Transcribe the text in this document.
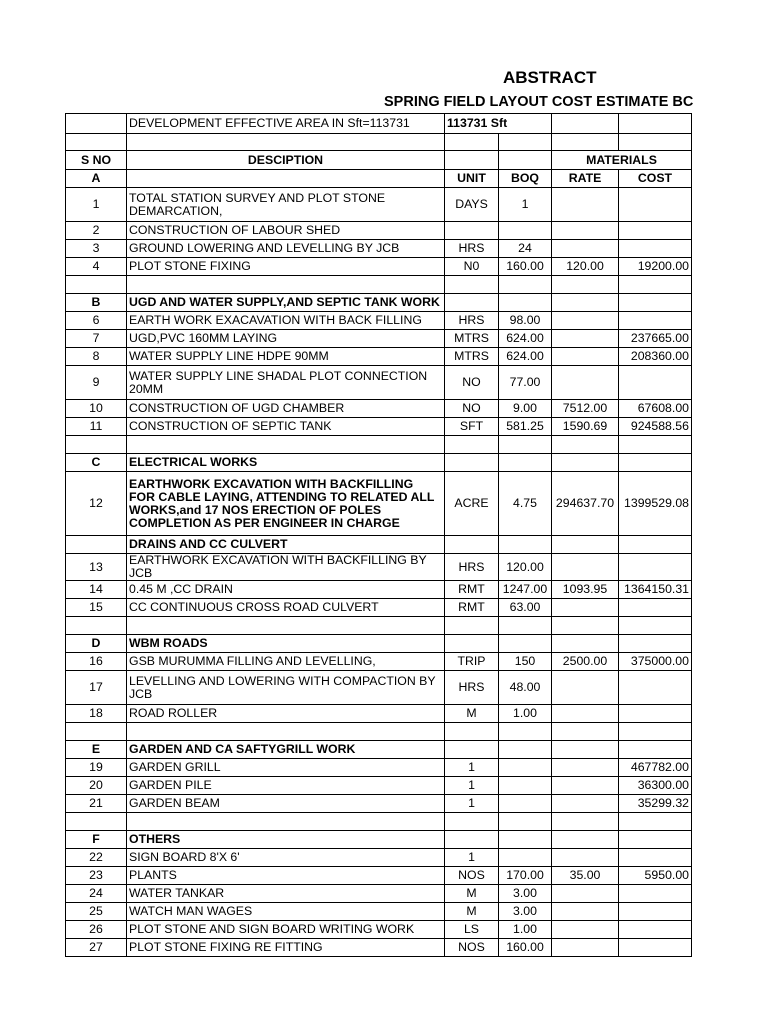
ABSTRACT
SPRING FIELD LAYOUT COST ESTIMATE BC
	DEVELOPMENT EFFECTIVE AREA IN Sft=113731	113731 Sft			

S NO	DESCIPTION			MATERIALS	
A		UNIT	BOQ	RATE	COST
1	TOTAL STATION SURVEY AND PLOT STONE DEMARCATION,	DAYS	1		
2	CONSTRUCTION OF LABOUR SHED				
3	GROUND LOWERING AND LEVELLING BY JCB	HRS	24		
4	PLOT STONE FIXING	N0	160.00	120.00	19200.00

B	UGD AND WATER SUPPLY,AND SEPTIC TANK WORK				
6	EARTH WORK EXACAVATION WITH BACK FILLING	HRS	98.00		
7	UGD,PVC 160MM LAYING	MTRS	624.00		237665.00
8	WATER SUPPLY LINE HDPE 90MM	MTRS	624.00		208360.00
9	WATER SUPPLY LINE SHADAL PLOT CONNECTION 20MM	NO	77.00		
10	CONSTRUCTION OF UGD CHAMBER	NO	9.00	7512.00	67608.00
11	CONSTRUCTION OF SEPTIC TANK	SFT	581.25	1590.69	924588.56

C	ELECTRICAL WORKS				
12	EARTHWORK EXCAVATION WITH BACKFILLING FOR CABLE LAYING, ATTENDING TO RELATED ALL WORKS,and 17 NOS ERECTION OF POLES COMPLETION AS PER ENGINEER IN CHARGE	ACRE	4.75	294637.70	1399529.08
	DRAINS AND CC CULVERT				
13	EARTHWORK EXCAVATION WITH BACKFILLING BY JCB	HRS	120.00		
14	0.45 M ,CC DRAIN	RMT	1247.00	1093.95	1364150.31
15	CC CONTINUOUS CROSS ROAD CULVERT	RMT	63.00		

D	WBM ROADS				
16	GSB MURUMMA FILLING AND LEVELLING,	TRIP	150	2500.00	375000.00
17	LEVELLING AND LOWERING WITH COMPACTION BY JCB	HRS	48.00		
18	ROAD ROLLER	M	1.00		

E	GARDEN AND CA SAFTYGRILL WORK				
19	GARDEN GRILL	1			467782.00
20	GARDEN PILE	1			36300.00
21	GARDEN BEAM	1			35299.32

F	OTHERS				
22	SIGN BOARD 8'X 6'	1			
23	PLANTS	NOS	170.00	35.00	5950.00
24	WATER TANKAR	M	3.00		
25	WATCH MAN WAGES	M	3.00		
26	PLOT STONE AND SIGN BOARD WRITING WORK	LS	1.00		
27	PLOT STONE FIXING RE FITTING	NOS	160.00		
